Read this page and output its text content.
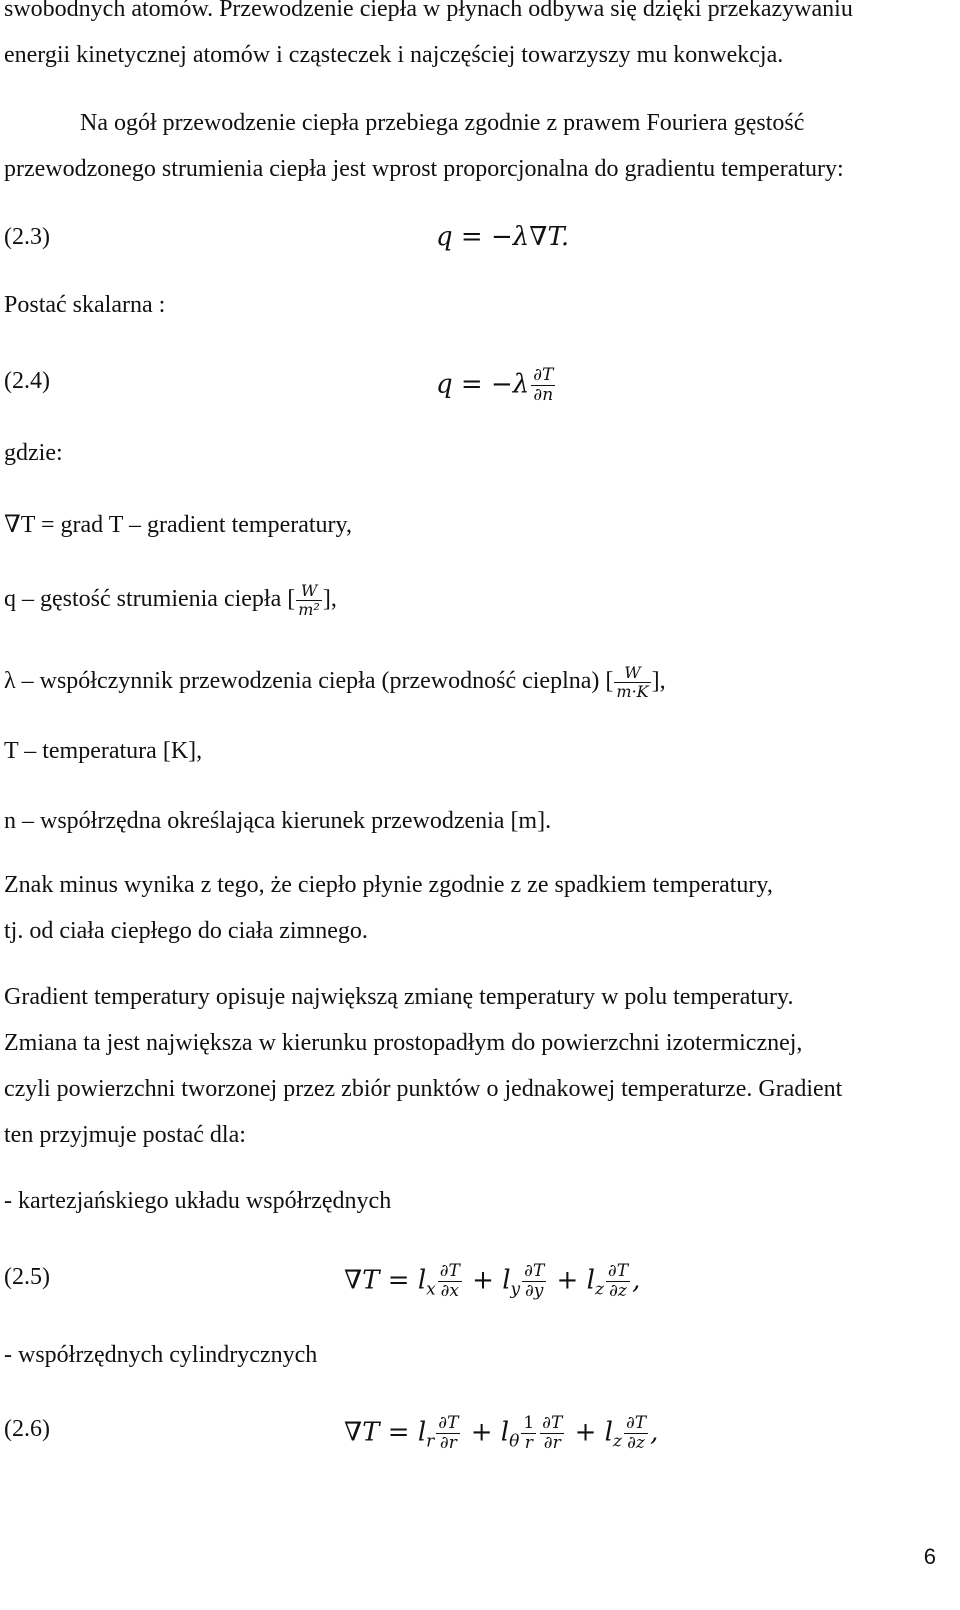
swobodnych atomów. Przewodzenie ciepła w płynach odbywa się dzięki przekazywaniu
energii kinetycznej atomów i cząsteczek i najczęściej towarzyszy mu konwekcja.
Na ogół przewodzenie ciepła przebiega zgodnie z prawem Fouriera gęstość
przewodzonego strumienia ciepła jest wprost proporcjonalna do gradientu temperatury:
(2.3)	q = −λ∇T.
Postać skalarna :
(2.4)	$q = -\lambda \frac{\partial T}{\partial n}$
gdzie:
∇T = grad T – gradient temperatury,
q – gęstość strumienia ciepła [ $\frac{W}{\text{m²}}$ ],
λ – współczynnik przewodzenia ciepła (przewodność cieplna) [ $\frac{W}{m\cdot K}$ ],
T – temperatura [K],
n – współrzędna określająca kierunek przewodzenia [m].
Znak minus wynika z tego, że ciepło płynie zgodnie z ze spadkiem temperatury,
tj. od ciała ciepłego do ciała zimnego.
Gradient temperatury opisuje największą zmianę temperatury w polu temperatury.
Zmiana ta jest największa w kierunku prostopadłym do powierzchni izotermicznej,
czyli powierzchni tworzonej przez zbiór punktów o jednakowej temperaturze. Gradient
ten przyjmuje postać dla:
- kartezjańskiego układu współrzędnych
(2.5)	$\nabla T = l_x \frac{\partial T}{\partial x} + l_y \frac{\partial T}{\partial y} + l_z \frac{\partial T}{\partial z}$ ,
- współrzędnych cylindrycznych
(2.6)	$\nabla T = l_r \frac{\partial T}{\partial r} + l_\theta \frac{1}{r} \frac{\partial T}{\partial r} + l_z \frac{\partial T}{\partial z}$ ,
6
